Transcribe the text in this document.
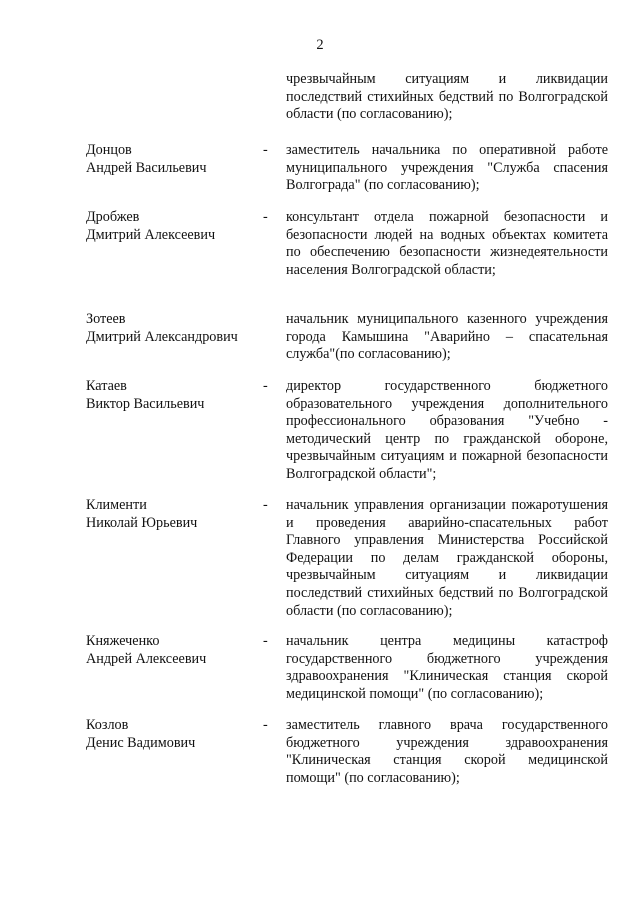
2
чрезвычайным ситуациям и ликвидации последствий стихийных бедствий по Волгоградской области (по согласованию);
Донцов
Андрей Васильевич
- заместитель начальника по оперативной работе муниципального учреждения "Служба спасения Волгограда" (по согласованию);
Дробжев
Дмитрий Алексеевич
- консультант отдела пожарной безопасности и безопасности людей на водных объектах комитета по обеспечению безопасности жизнедеятельности населения Волгоградской области;
Зотеев
Дмитрий Александрович
начальник муниципального казенного учреждения города Камышина "Аварийно – спасательная служба"(по согласованию);
Катаев
Виктор Васильевич
- директор государственного бюджетного образовательного учреждения дополнительного профессионального образования "Учебно - методический центр по гражданской обороне, чрезвычайным ситуациям и пожарной безопасности Волгоградской области";
Клименти
Николай Юрьевич
- начальник управления организации пожаротушения и проведения аварийно-спасательных работ Главного управления Министерства Российской Федерации по делам гражданской обороны, чрезвычайным ситуациям и ликвидации последствий стихийных бедствий по Волгоградской области (по согласованию);
Княжеченко
Андрей Алексеевич
- начальник центра медицины катастроф государственного бюджетного учреждения здравоохранения "Клиническая станция скорой медицинской помощи" (по согласованию);
Козлов
Денис Вадимович
- заместитель главного врача государственного бюджетного учреждения здравоохранения "Клиническая станция скорой медицинской помощи" (по согласованию);
